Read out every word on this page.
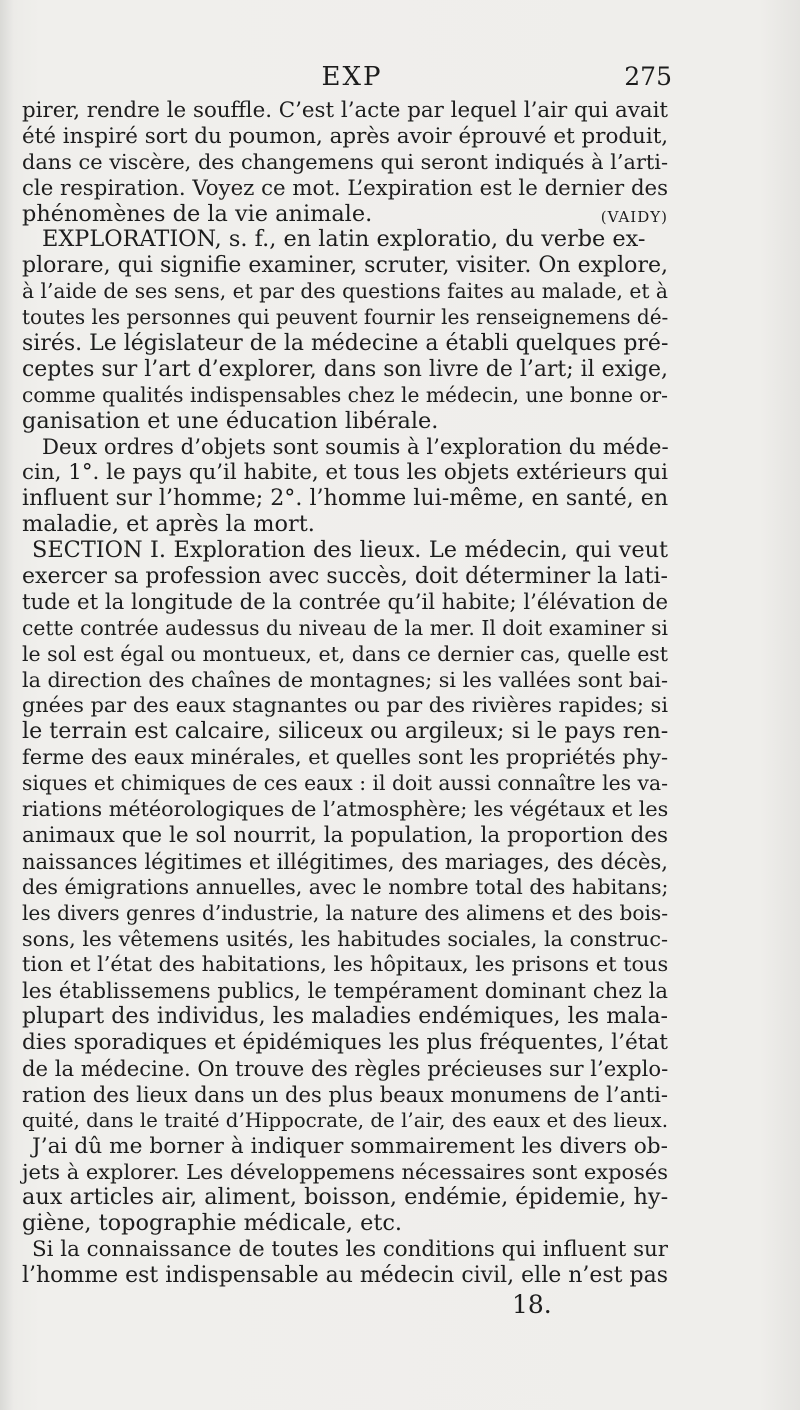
EXP	275
pirer, rendre le souffle. C’est l’acte par lequel l’air qui avait
été inspiré sort du poumon, après avoir éprouvé et produit,
dans ce viscère, des changemens qui seront indiqués à l’arti-
cle respiration. Voyez ce mot. L’expiration est le dernier des
phénomènes de la vie animale.	(VAIDY)
EXPLORATION, s. f., en latin exploratio, du verbe ex-
plorare, qui signifie examiner, scruter, visiter. On explore,
à l’aide de ses sens, et par des questions faites au malade, et à
toutes les personnes qui peuvent fournir les renseignemens dé-
sirés. Le législateur de la médecine a établi quelques pré-
ceptes sur l’art d’explorer, dans son livre de l’art; il exige,
comme qualités indispensables chez le médecin, une bonne or-
ganisation et une éducation libérale.
Deux ordres d’objets sont soumis à l’exploration du méde-
cin, 1°. le pays qu’il habite, et tous les objets extérieurs qui
influent sur l’homme; 2°. l’homme lui-même, en santé, en
maladie, et après la mort.
SECTION I. Exploration des lieux. Le médecin, qui veut
exercer sa profession avec succès, doit déterminer la lati-
tude et la longitude de la contrée qu’il habite; l’élévation de
cette contrée audessus du niveau de la mer. Il doit examiner si
le sol est égal ou montueux, et, dans ce dernier cas, quelle est
la direction des chaînes de montagnes; si les vallées sont bai-
gnées par des eaux stagnantes ou par des rivières rapides; si
le terrain est calcaire, siliceux ou argileux; si le pays ren-
ferme des eaux minérales, et quelles sont les propriétés phy-
siques et chimiques de ces eaux : il doit aussi connaître les va-
riations météorologiques de l’atmosphère; les végétaux et les
animaux que le sol nourrit, la population, la proportion des
naissances légitimes et illégitimes, des mariages, des décès,
des émigrations annuelles, avec le nombre total des habitans;
les divers genres d’industrie, la nature des alimens et des bois-
sons, les vêtemens usités, les habitudes sociales, la construc-
tion et l’état des habitations, les hôpitaux, les prisons et tous
les établissemens publics, le tempérament dominant chez la
plupart des individus, les maladies endémiques, les mala-
dies sporadiques et épidémiques les plus fréquentes, l’état
de la médecine. On trouve des règles précieuses sur l’explo-
ration des lieux dans un des plus beaux monumens de l’anti-
quité, dans le traité d’Hippocrate, de l’air, des eaux et des lieux.
J’ai dû me borner à indiquer sommairement les divers ob-
jets à explorer. Les développemens nécessaires sont exposés
aux articles air, aliment, boisson, endémie, épidemie, hy-
giène, topographie médicale, etc.
Si la connaissance de toutes les conditions qui influent sur
l’homme est indispensable au médecin civil, elle n’est pas
18.
